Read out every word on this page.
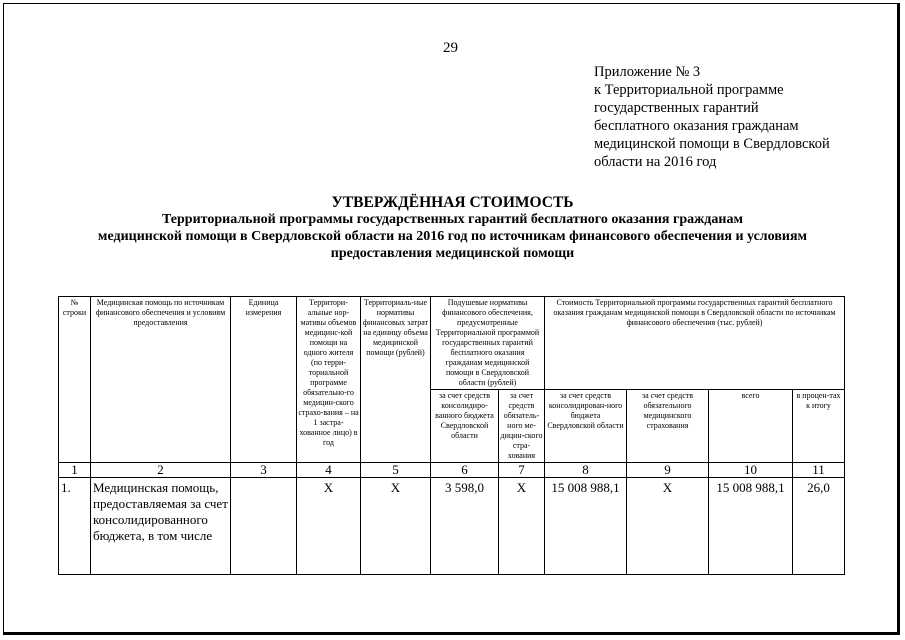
29
Приложение № 3
к Территориальной программе
государственных гарантий
бесплатного оказания гражданам
медицинской помощи в Свердловской
области на 2016 год
УТВЕРЖДЁННАЯ СТОИМОСТЬ
Территориальной программы государственных гарантий бесплатного оказания гражданам
медицинской помощи в Свердловской области на 2016 год по источникам финансового обеспечения и условиям
предоставления медицинской помощи
№ строки	Медицинская помощь по источникам финансового обеспечения и условиям предоставления	Единица измерения	Территори-альные нор-мативы объемов медицинс-кой помощи на одного жителя (по терри-ториальной программе обязательно-го медицин-ского страхо-вания – на 1 застра-хованное лицо) в год	Территориаль-ные нормативы финансовых затрат на единицу объема медицинской помощи (рублей)	Подушевые нормативы финансового обеспечения, предусмотренные Территориальной программой государственных гарантий бесплатного оказания гражданам медицинской помощи в Свердловской области (рублей)		Стоимость Территориальной программы государственных гарантий бесплатного оказания гражданам медицинской помощи в Свердловской области по источникам финансового обеспечения (тыс. рублей)			
					за счет средств консолидиро-ванного бюджета Свердловской области	за счет средств обязатель-ного ме-дицин-ского стра-хования	за счет средств консолидирован-ного бюджета Свердловской области	за счет средств обязательного медицинского страхования	всего	в процен-тах к итогу
1	2	3	4	5	6	7	8	9	10	11
1.	Медицинская помощь, предоставляемая за счет консолидированного бюджета, в том числе		X	X	3 598,0	X	15 008 988,1	X	15 008 988,1	26,0
